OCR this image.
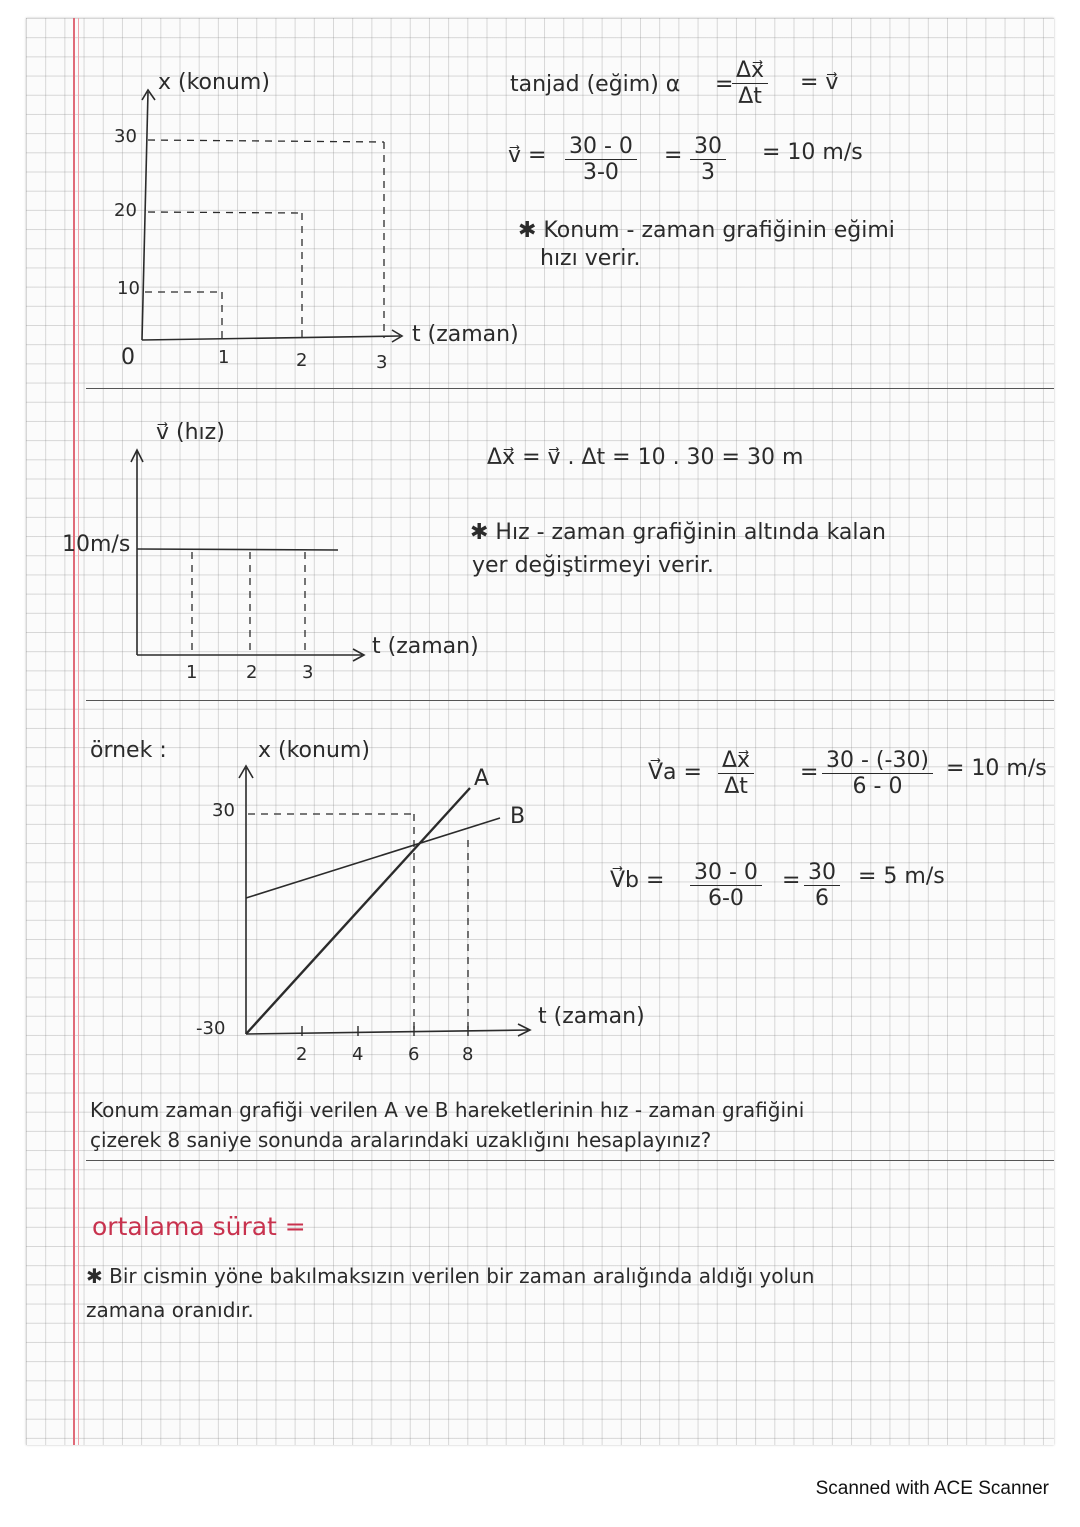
x (konum)
30
20
10
0	1	2	3
t (zaman)
tanjad (eğim) α =
$\frac{\Delta x⃗}{\Delta t}$ = v⃗
v⃗ = $\frac{30 - 0}{3-0} = \frac{30}{3} = 10$ m/s
✱ Konum - zaman grafiğinin eğimi
hızı verir.
v⃗ (hız)
10m/s
1	2 3
t (zaman)
Δx⃗ = v⃗ . Δt = 10 . 30 = 30 m
✱ Hız - zaman grafiğinin altında kalan
yer değiştirmeyi verir.
örnek :	x (konum)
30
-30
2 4 6 8
t (zaman)
A
B
V⃗a = $\frac{\Delta x⃗}{\Delta t} = \frac{30 - (-30)}{6 - 0} = 10$ m/s
V⃗b = $\frac{30 - 0}{6-0} = \frac{30}{6} = 5$ m/s
Konum zaman grafiği verilen A ve B hareketlerinin hız - zaman grafiğini
çizerek 8 saniye sonunda aralarındaki uzaklığını hesaplayınız?
ortalama sürat =
✱ Bir cismin yöne bakılmaksızın verilen bir zaman aralığında aldığı yolun
zamana oranıdır.
Scanned with ACE Scanner
